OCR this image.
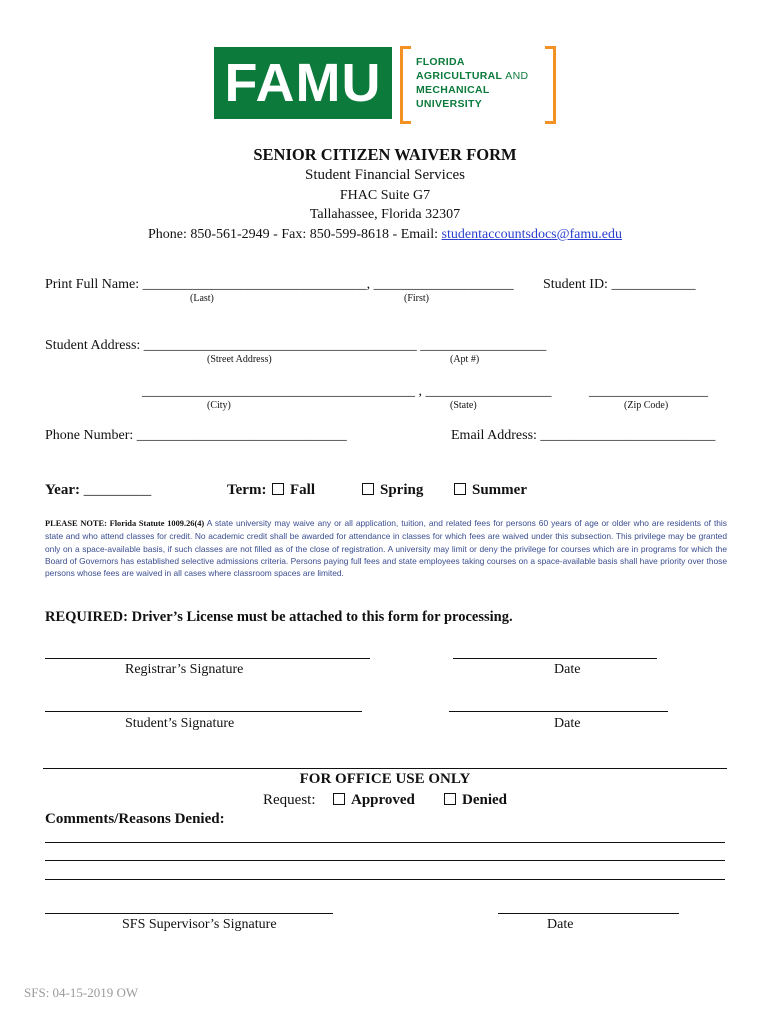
FAMU	FLORIDA
AGRICULTURAL AND
MECHANICAL
UNIVERSITY
SENIOR CITIZEN WAIVER FORM
Student Financial Services
FHAC Suite G7
Tallahassee, Florida 32307
Phone: 850-561-2949 - Fax: 850-599-8618 - Email: studentaccountsdocs@famu.edu
Print Full Name: ________________________________, ____________________
(Last)	(First)
Student ID: ____________
Student Address: _______________________________________ __________________
(Street Address)	(Apt #)
_______________________________________ , __________________	_________________
(City)	(State)	(Zip Code)
Phone Number: ______________________________	Email Address: _________________________
Year: _________	Term:	Fall	Spring	Summer
PLEASE NOTE: Florida Statute 1009.26(4) A state university may waive any or all application, tuition, and related fees for persons 60 years of age or older who are residents of this state and who attend classes for credit. No academic credit shall be awarded for attendance in classes for which fees are waived under this subsection. This privilege may be granted only on a space-available basis, if such classes are not filled as of the close of registration. A university may limit or deny the privilege for courses which are in programs for which the Board of Governors has established selective admissions criteria. Persons paying full fees and state employees taking courses on a space-available basis shall have priority over those persons whose fees are waived in all cases where classroom spaces are limited.
REQUIRED: Driver’s License must be attached to this form for processing.
Registrar’s Signature	Date
Student’s Signature	Date
FOR OFFICE USE ONLY
Request:	Approved	Denied
Comments/Reasons Denied:
SFS Supervisor’s Signature	Date
SFS: 04-15-2019 OW
